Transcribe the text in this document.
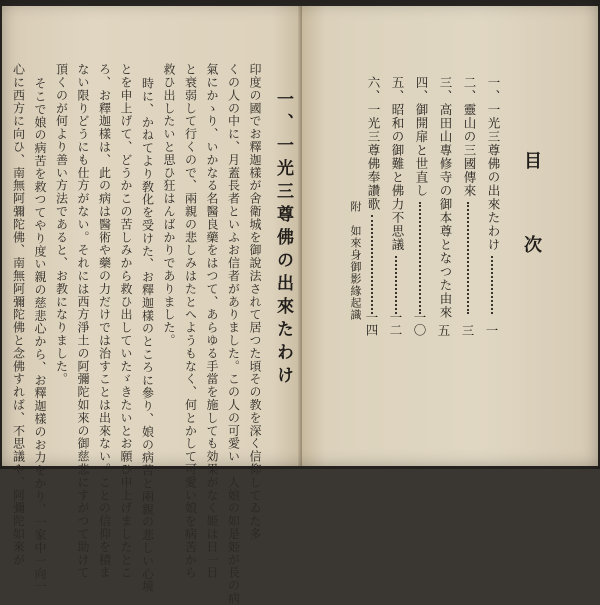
一、一光三尊佛の出來たわけ
印度の國でお釋迦樣が舍衛城を御說法されて居つた頃その教を深く信仰してゐた多
くの人の中に、月蓋長者といふお信者がありました。この人の可愛い一人娘の如是姫が長の病
氣にかゝり、いかなる名醫良藥をはつて、あらゆる手當を施しても効果がなく姫は日一日
と衰弱して行くので、兩親の悲しみはたとへようもなく、何とかして可愛い娘を病苦から
救ひ出したいと思ひ狂はんばかりでありました。
時に、かねてより敎化を受けた、お釋迦樣のところに參り、娘の病苦と兩親の悲しい心境
とを申上げて、どうかこの苦しみから救ひ出していたゞきたいとお願ひ申上げましたとこ
ろ、お釋迦樣は、此の病は醫術や藥の力だけでは治すことは出來ない。ことの信仰を積ま
ない限りどうにも仕方がない。それには西方淨土の阿彌陀如來の御慈悲にすがつて助けて
頂くのが何より善い方法であると、お教になりました。
そこで娘の病苦を救つてやり度い親の慈悲心から、お釋迦樣のお力をかり、一家中一向一
心に西方に向ひ、南無阿彌陀佛、南無阿彌陀佛と念佛すれば、不思議や、阿彌陀如來が	目　次
一、一光三尊佛の出來たわけ
一
二、靈山の三國傳來
三
三、高田山專修寺の御本尊となつた由來
五
四、御開扉と世直し
一〇
五、昭和の御難と佛力不思議
一二
六、一光三尊佛奉讚歌
一四
附　如來身御影緣起識
